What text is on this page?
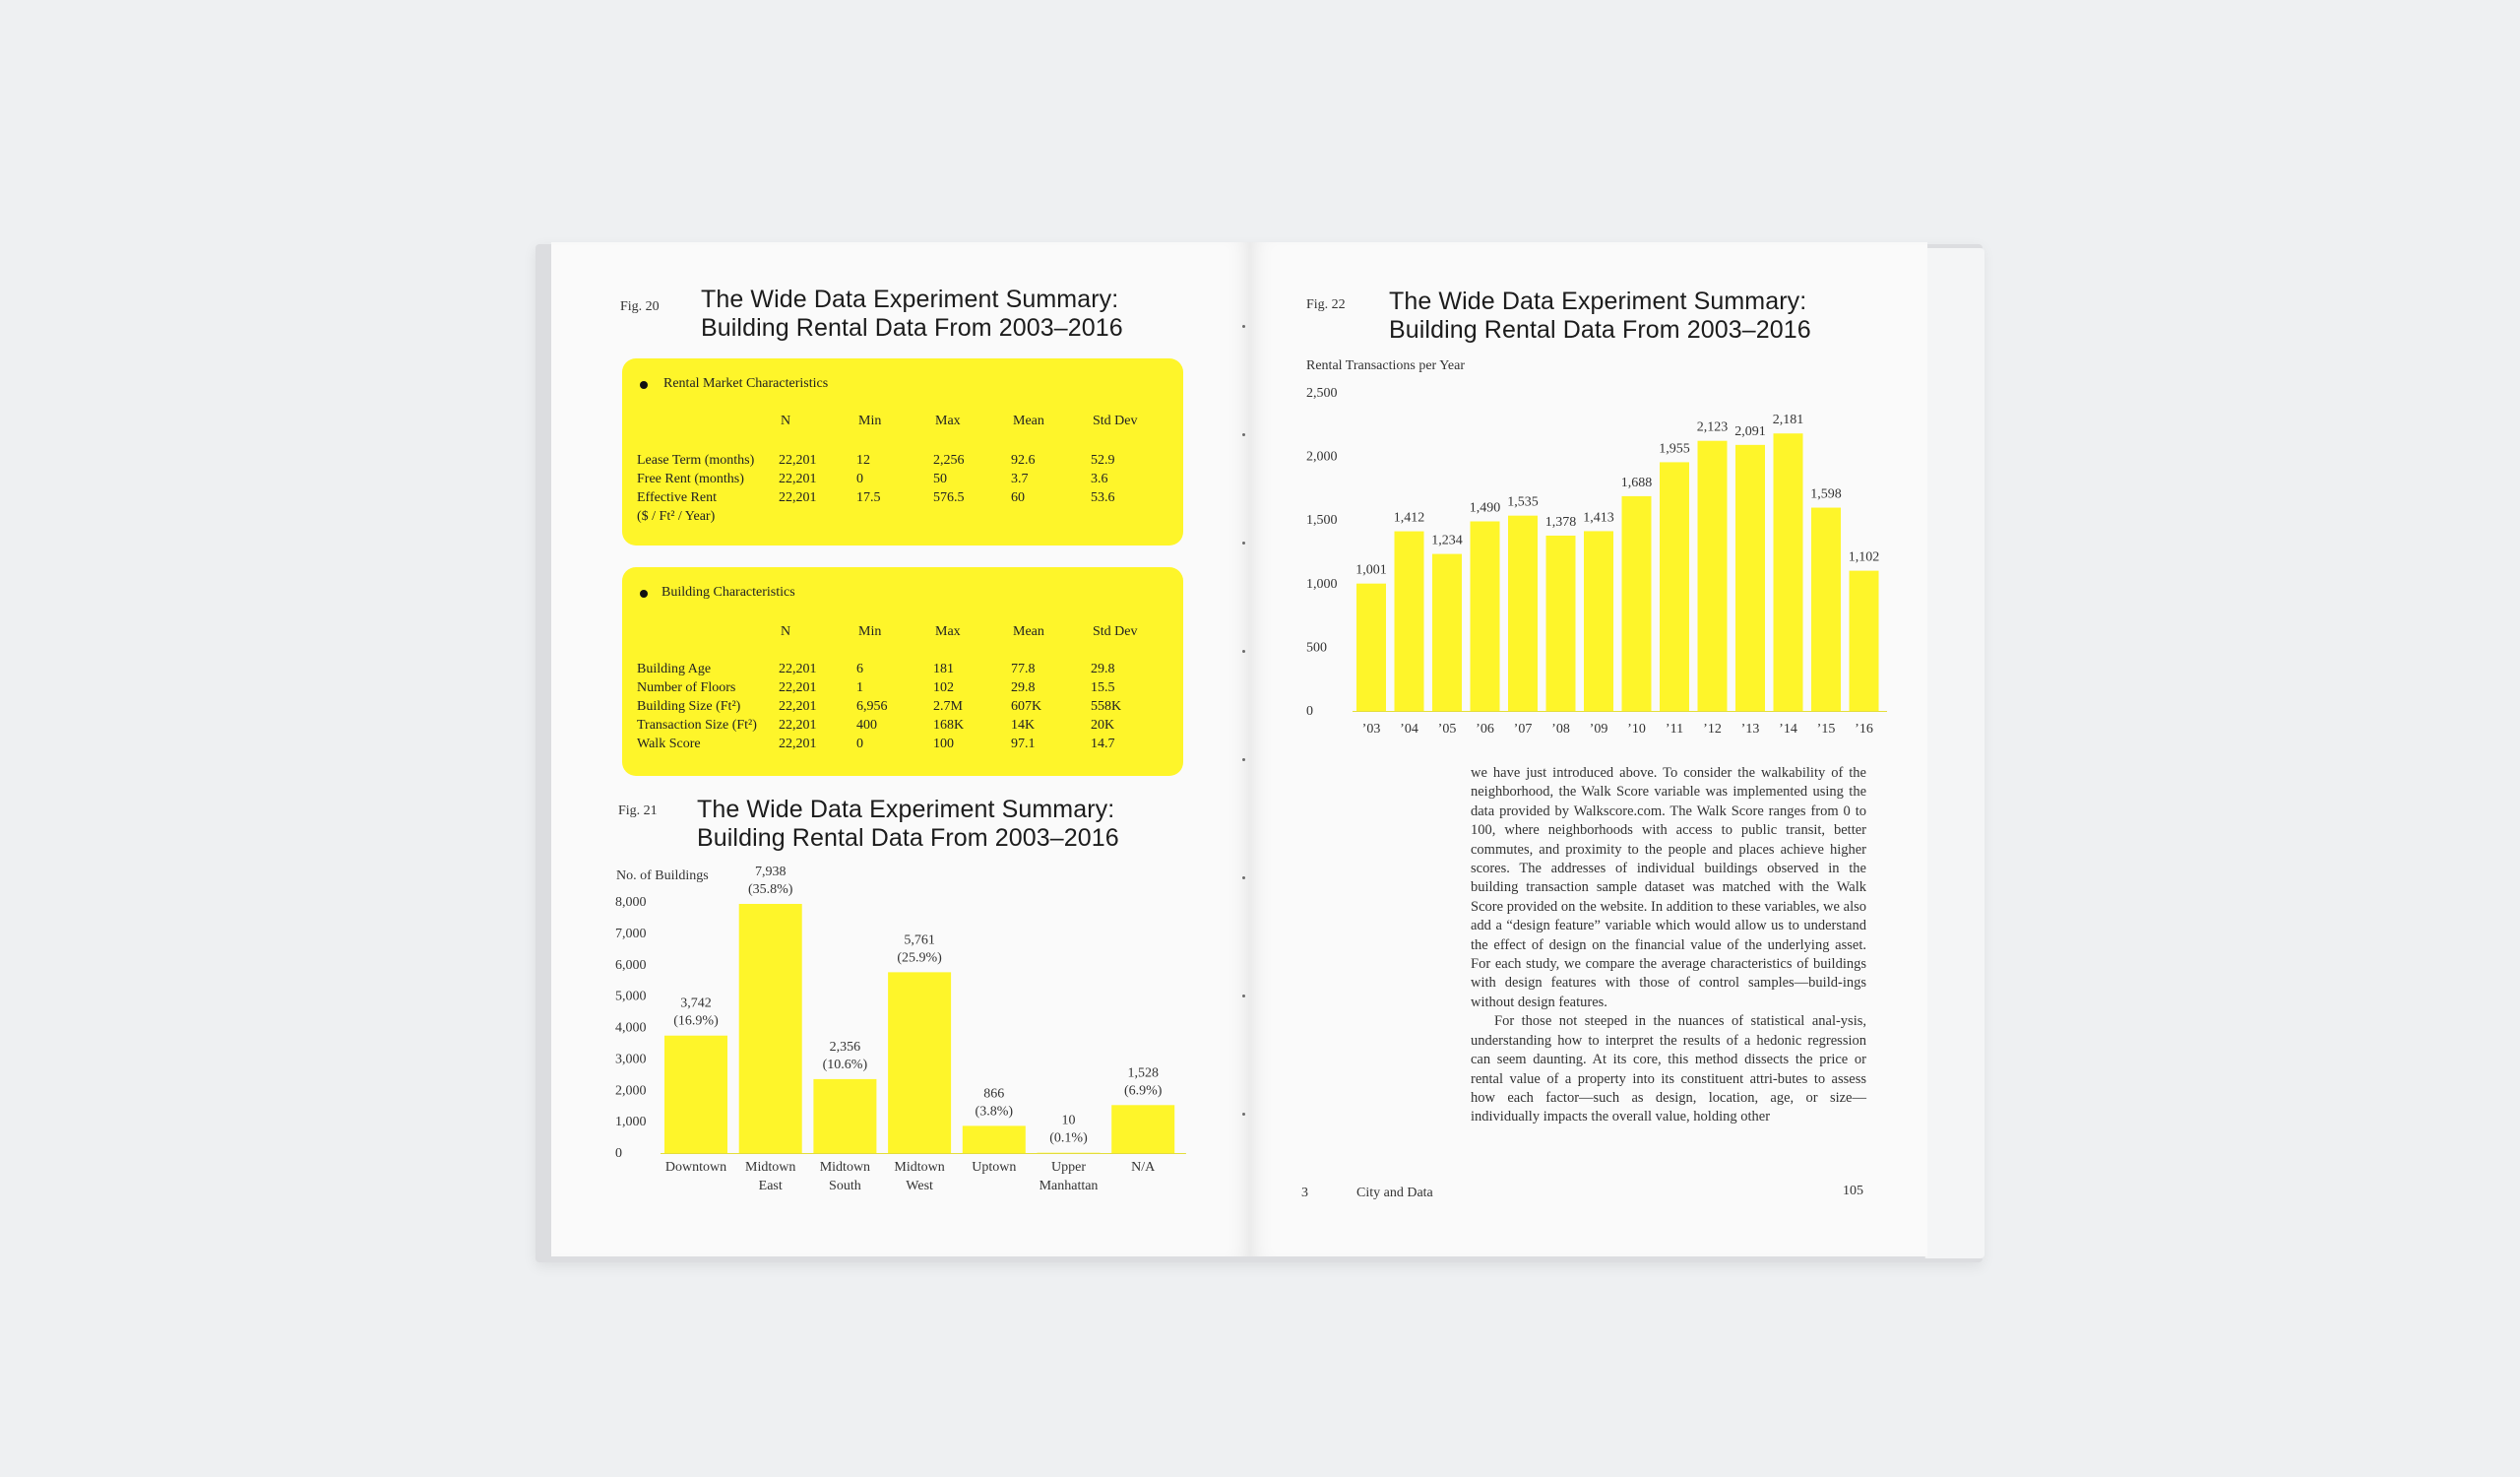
Fig. 20 The Wide Data Experiment Summary:
Building Rental Data From 2003–2016
Rental Market Characteristics
N	Min	Max	Mean	Std Dev
Lease Term (months) 22,201	12	2,256	92.6	52.9
Free Rent (months)	22,201	0	50	3.7	3.6
Effective Rent	22,201	17.5	576.5	60	53.6
($ / Ft² / Year)
Building Characteristics
N	Min	Max	Mean	Std Dev
Building Age	22,201	6	181	77.8	29.8
Number of Floors	22,201	1	102	29.8	15.5
Building Size (Ft²)	22,201	6,956	2.7M	607K	558K
Transaction Size (Ft²) 22,201	400	168K	14K	20K
Walk Score	22,201	0	100	97.1	14.7
Fig. 21 The Wide Data Experiment Summary:
Building Rental Data From 2003–2016
No. of Buildings
0
1,000
2,000
3,000
4,000
5,000
6,000
7,000
8,000
3,742
(16.9%)
Downtown
7,938
(35.8%)
Midtown
East
2,356
(10.6%)
Midtown
South
5,761
(25.9%)
Midtown
West
866
(3.8%)
Uptown
10
(0.1%)
Upper
Manhattan
1,528
(6.9%)
N/A
Fig. 22 The Wide Data Experiment Summary:
Building Rental Data From 2003–2016
Rental Transactions per Year
0
500
1,000
1,500
2,000
2,500
1,001
’03
1,412
’04
1,234
’05
1,490
’06
1,535
’07
1,378
’08
1,413
’09
1,688
’10
1,955
’11
2,123
’12
2,091
’13
2,181
’14
1,598
’15
1,102
’16

we have just introduced above. To consider the walkability of the neighborhood, the Walk Score variable was implemented using the data provided by Walkscore.com. The Walk Score ranges from 0 to 100, where neighborhoods with access to public transit, better commutes, and proximity to the people and places achieve higher scores. The addresses of individual buildings observed in the building transaction sample dataset was matched with the Walk Score provided on the website. In addition to these variables, we also add a “design feature” variable which would allow us to understand the effect of design on the financial value of the underlying asset. For each study, we compare the average characteristics of buildings with design features with those of control samples—build-ings without design features.

For those not steeped in the nuances of statistical anal-ysis, understanding how to interpret the results of a hedonic regression can seem daunting. At its core, this method dissects the price or rental value of a property into its constituent attri-butes to assess how each factor—such as design, location, age, or size—individually impacts the overall value, holding other

3	City and Data	105
